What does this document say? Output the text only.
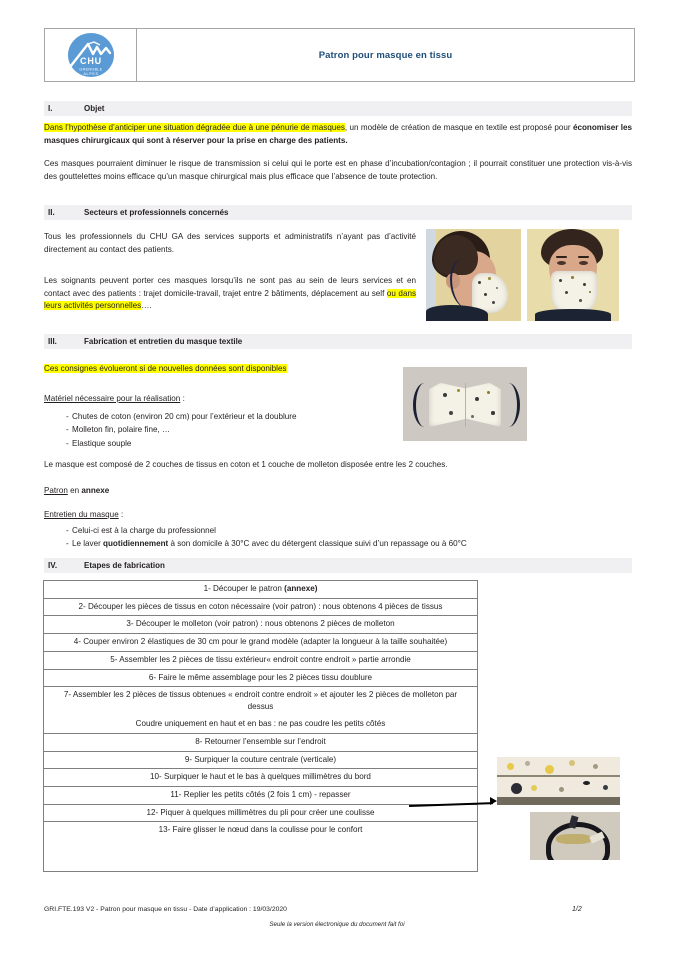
CHU
GRENOBLE
ALPES
Patron pour masque en tissu
I.	Objet
Dans l’hypothèse d’anticiper une situation dégradée due à une pénurie de masques, un modèle de création de masque en textile est proposé pour économiser les masques chirurgicaux qui sont à réserver pour la prise en charge des patients.
Ces masques pourraient diminuer le risque de transmission si celui qui le porte est en phase d’incubation/contagion ; il pourrait constituer une protection vis-à-vis des gouttelettes moins efficace qu’un masque chirurgical mais plus efficace que l’absence de toute protection.
II.	Secteurs et professionnels concernés
Tous les professionnels du CHU GA des services supports et administratifs n’ayant pas d’activité directement au contact des patients.
Les soignants peuvent porter ces masques lorsqu’ils ne sont pas au sein de leurs services et en contact avec des patients : trajet domicile-travail, trajet entre 2 bâtiments, déplacement au self ou dans leurs activités personnelles….
III.	Fabrication et entretien du masque textile
Ces consignes évolueront si de nouvelles données sont disponibles
Matériel nécessaire pour la réalisation :
- Chutes de coton (environ 20 cm) pour l’extérieur et la doublure
- Molleton fin, polaire fine, …
- Elastique souple
Le masque est composé de 2 couches de tissus en coton et 1 couche de molleton disposée entre les 2 couches.
Patron en annexe
Entretien du masque :
- Celui-ci est à la charge du professionnel
- Le laver quotidiennement à son domicile à 30°C avec du détergent classique suivi d’un repassage ou à 60°C
IV.	Etapes de fabrication
1- Découper le patron (annexe)
2- Découper les pièces de tissus en coton nécessaire (voir patron) : nous obtenons 4 pièces de tissus
3- Découper le molleton (voir patron) : nous obtenons 2 pièces de molleton
4- Couper environ 2 élastiques de 30 cm pour le grand modèle (adapter la longueur à la taille souhaitée)
5- Assembler les 2 pièces de tissu extérieur« endroit contre endroit » partie arrondie
6- Faire le même assemblage pour les 2 pièces tissu doublure
7- Assembler les 2 pièces de tissus obtenues « endroit contre endroit » et ajouter les 2 pièces de molleton par dessus
Coudre uniquement en haut et en bas : ne pas coudre les petits côtés
8- Retourner l’ensemble sur l’endroit
9- Surpiquer la couture centrale (verticale)
10- Surpiquer le haut et le bas à quelques millimètres du bord
11- Replier les petits côtés (2 fois 1 cm) - repasser
12- Piquer à quelques millimètres du pli pour créer une coulisse
13- Faire glisser le nœud dans la coulisse pour le confort
GRI.FTE.193 V2 - Patron pour masque en tissu - Date d’application : 19/03/2020	1/2
Seule la version électronique du document fait foi
